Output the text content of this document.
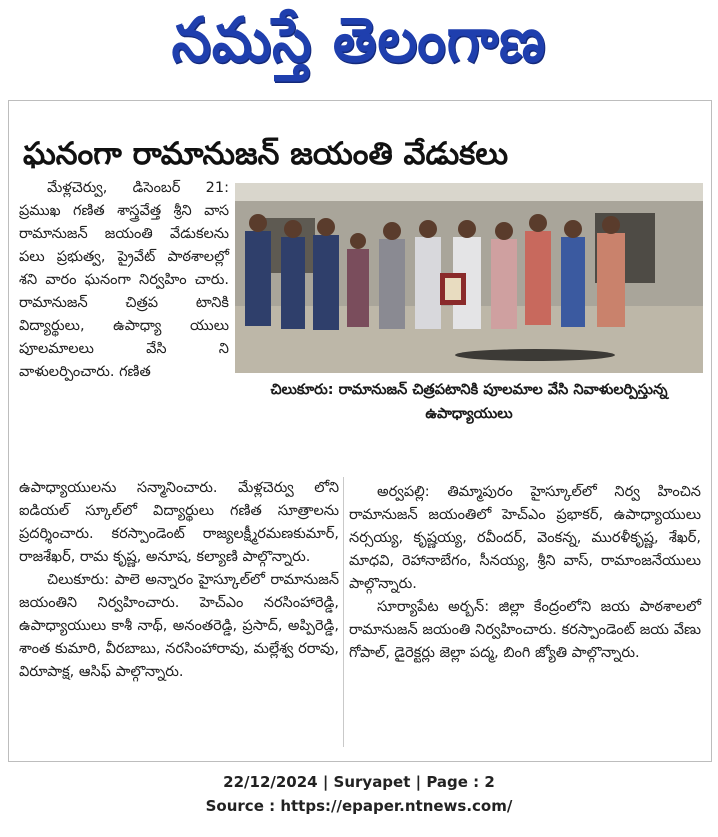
నమస్తే తెలంగాణ
ఘనంగా రామానుజన్ జయంతి వేడుకలు

మేళ్లచెర్వు, డిసెంబర్ 21: ప్రముఖ గణిత శాస్త్రవేత్త శ్రీని వాస రామానుజన్ జయంతి వేడుకలను పలు ప్రభుత్వ, ప్రైవేట్ పాఠశాలల్లో శని వారం ఘనంగా నిర్వహిం చారు. రామానుజన్ చిత్రప టానికి విద్యార్థులు, ఉపాధ్యా యులు పూలమాలలు వేసి ని వాళులర్పించారు. గణిత

చిలుకూరు: రామానుజన్ చిత్రపటానికి పూలమాల వేసి నివాళులర్పిస్తున్న ఉపాధ్యాయులు

ఉపాధ్యాయులను సన్మానించారు. మేళ్లచెర్వు లోని ఐడియల్ స్కూల్‌లో విద్యార్థులు గణిత సూత్రాలను ప్రదర్శించారు. కరస్పాండెంట్ రాజ్యలక్ష్మీరమణకుమార్, రాజశేఖర్, రామ కృష్ణ, అనూష, కల్యాణి పాల్గొన్నారు.

చిలుకూరు: పాలె అన్నారం హైస్కూల్‌లో రామానుజన్ జయంతిని నిర్వహించారు. హెచ్‌ఎం నరసింహారెడ్డి, ఉపాధ్యాయులు కాశీ నాథ్, అనంతరెడ్డి, ప్రసాద్, అప్పిరెడ్డి, శాంత కుమారి, వీరబాబు, నరసింహారావు, మల్లేశ్వ రరావు, విరూపాక్ష, ఆసిఫ్ పాల్గొన్నారు.

అర్వపల్లి: తిమ్మాపురం హైస్కూల్‌లో నిర్వ హించిన రామానుజన్ జయంతిలో హెచ్‌ఎం ప్రభాకర్, ఉపాధ్యాయులు నర్సయ్య, కృష్ణయ్య, రవీందర్, వెంకన్న, మురళీకృష్ణ, శేఖర్, మాధవి, రెహానాబేగం, సీనయ్య, శ్రీని వాస్, రామాంజనేయులు పాల్గొన్నారు.

సూర్యాపేట అర్బన్: జిల్లా కేంద్రంలోని జయ పాఠశాలలో రామానుజన్ జయంతి నిర్వహించారు. కరస్పాండెంట్ జయ వేణు గోపాల్, డైరెక్టర్లు జెల్లా పద్మ, బింగి జ్యోతి పాల్గొన్నారు.

22/12/2024 | Suryapet | Page : 2
Source : https://epaper.ntnews.com/
